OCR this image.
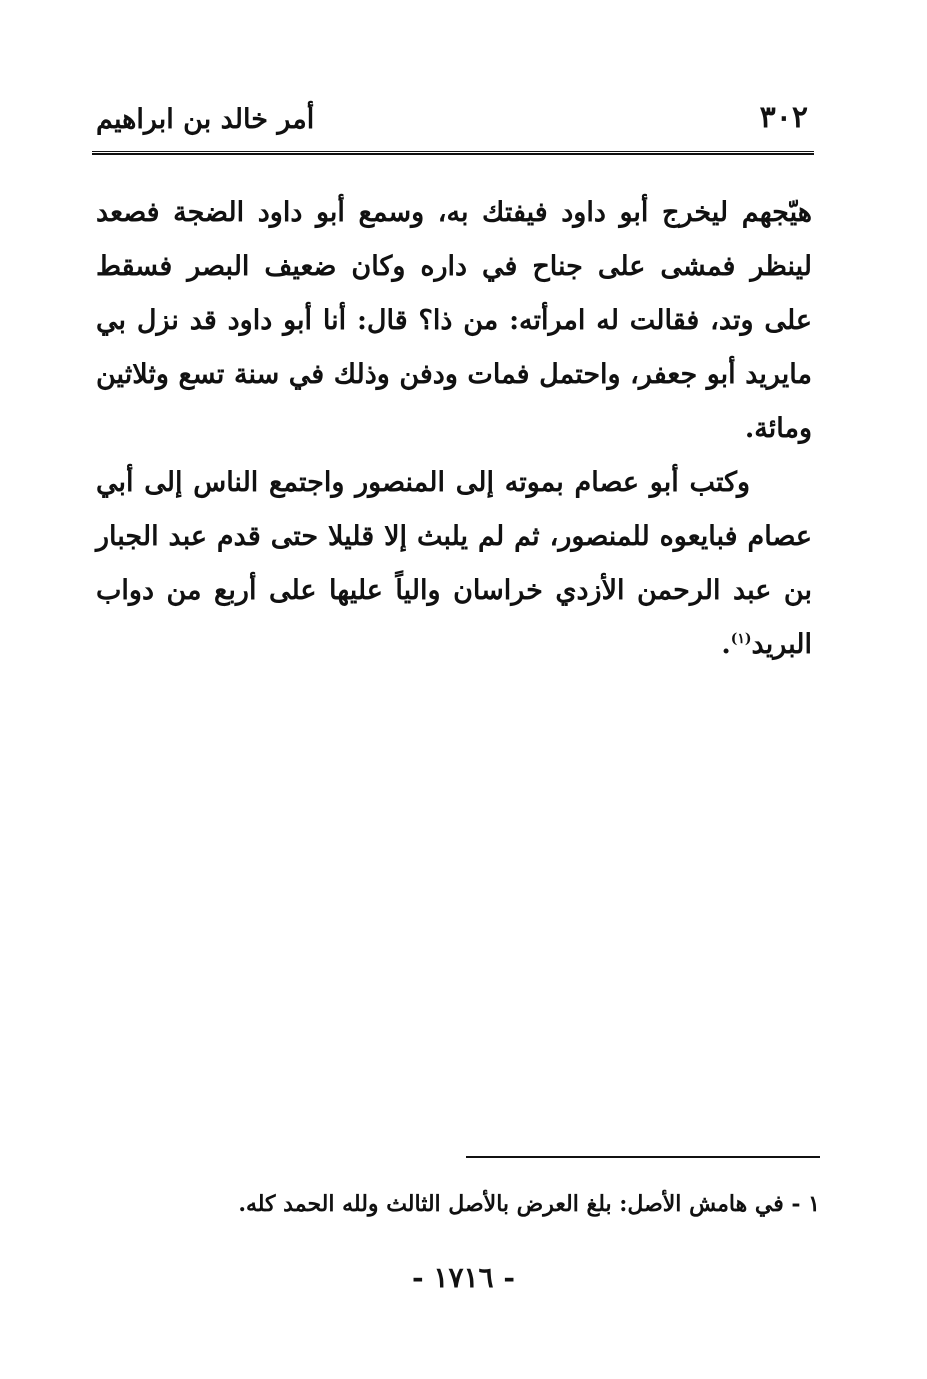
٣٠٢
أمر خالد بن ابراهيم

هيّجهم ليخرج أبو داود فيفتك به، وسمع أبو داود الضجة فصعد لينظر فمشى على جناح في داره وكان ضعيف البصر فسقط على وتد، فقالت له امرأته: من ذا؟ قال: أنا أبو داود قد نزل بي مايريد أبو جعفر، واحتمل فمات ودفن وذلك في سنة تسع وثلاثين ومائة.

وكتب أبو عصام بموته إلى المنصور واجتمع الناس إلى أبي عصام فبايعوه للمنصور، ثم لم يلبث إلا قليلا حتى قدم عبد الجبار بن عبد الرحمن الأزدي خراسان والياً عليها على أربع من دواب البريد$^{(١)}$.

١ - في هامش الأصل: بلغ العرض بالأصل الثالث ولله الحمد كله.
- ١٧١٦ -
